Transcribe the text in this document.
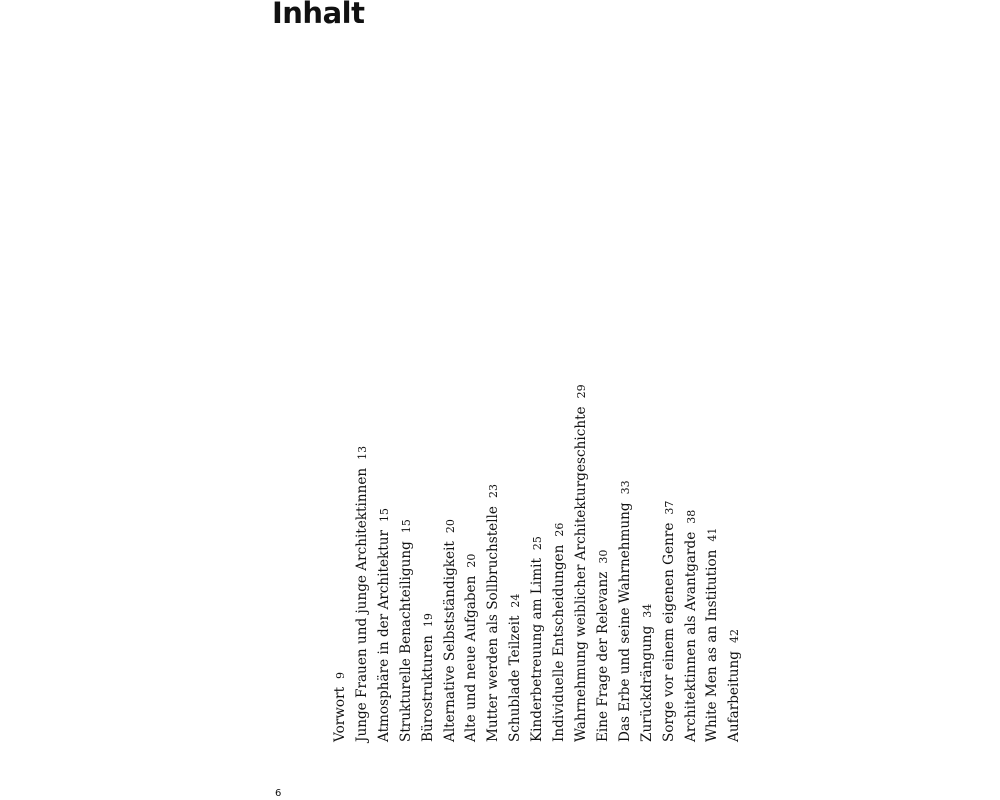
Inhalt
Vorwort9 Junge Frauen und junge Architektinnen13
Atmosphäre in der Architektur15
Strukturelle Benachteiligung15
Bürostrukturen19 Alternative Selbstständigkeit20
Alte und neue Aufgaben20 Mutter werden als Sollbruchstelle23
Schublade Teilzeit24 Kinderbetreuung am Limit25
Individuelle Entscheidungen26 Wahrnehmung weiblicher Architekturgeschichte29
Eine Frage der Relevanz30 Das Erbe und seine Wahrnehmung33
Zurückdrängung34 Sorge vor einem eigenen Genre37
Architektinnen als Avantgarde38
White Men as an Institution41
Aufarbeitung42
6
